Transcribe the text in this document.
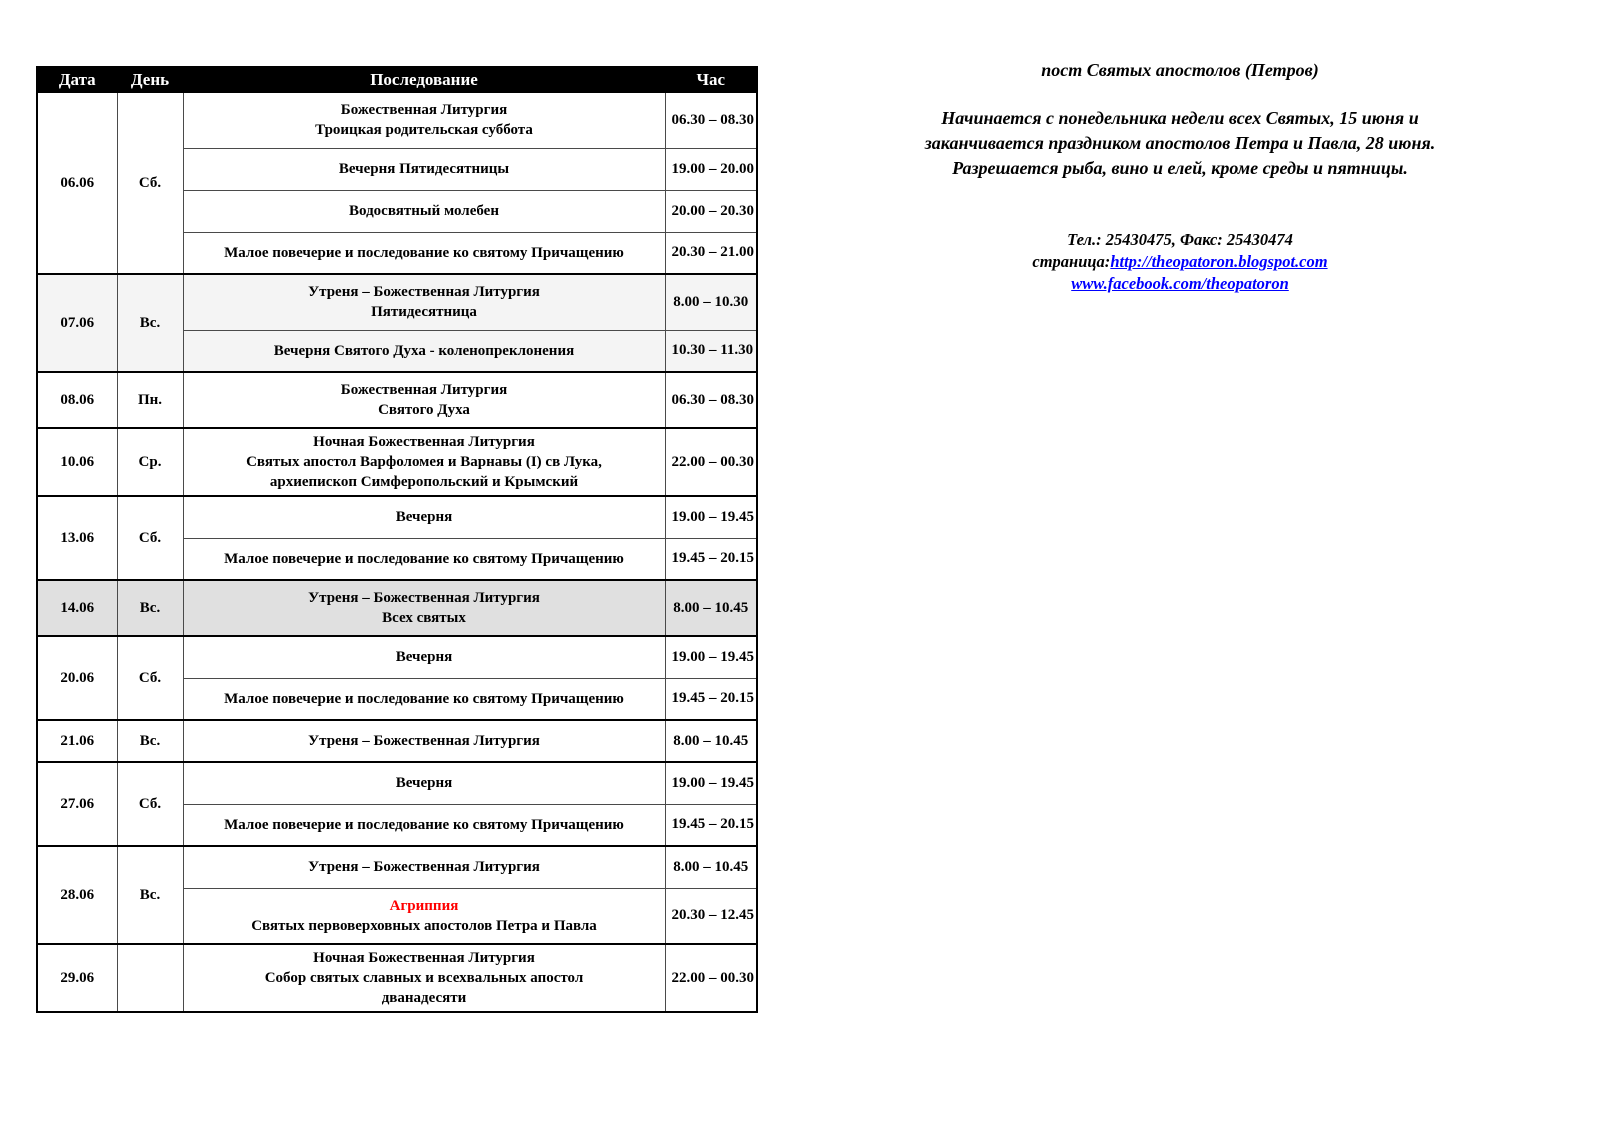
Дата	День	Последование	Час
06.06	Сб.	Божественная Литургия
Троицкая родительская суббота	06.30 – 08.30

		Вечерня Пятидесятницы	19.00 – 20.00

		Водосвятный молебен	20.00 – 20.30

		Малое повечерие и последование ко святому Причащению	20.30 – 21.00
07.06	Вс.	Утреня – Божественная Литургия
Пятидесятница	8.00 – 10.30

		Вечерня Святого Духа - коленопреклонения	10.30 – 11.30
08.06	Пн.	Божественная Литургия
Святого Духа	06.30 – 08.30
10.06	Ср.	Ночная Божественная Литургия
Святых апостол Варфоломея и Варнавы (I) св Лука,
архиепископ Симферопольский и Крымский	22.00 – 00.30
13.06	Сб.	Вечерня	19.00 – 19.45

		Малое повечерие и последование ко святому Причащению	19.45 – 20.15
14.06	Вс.	Утреня – Божественная Литургия
Всех святых	8.00 – 10.45
20.06	Сб.	Вечерня	19.00 – 19.45

		Малое повечерие и последование ко святому Причащению	19.45 – 20.15
21.06	Вс.	Утреня – Божественная Литургия	8.00 – 10.45
27.06	Сб.	Вечерня	19.00 – 19.45

		Малое повечерие и последование ко святому Причащению	19.45 – 20.15
28.06	Вс.	Утреня – Божественная Литургия	8.00 – 10.45

		Агриппия
Святых первоверховных апостолов Петра и Павла	20.30 – 12.45
29.06		Ночная Божественная Литургия
Собор святых славных и всехвальных апостол
дванадесяти	22.00 – 00.30
пост Святых апостолов (Петров)
Начинается с понедельника недели всех Святых, 15 июня и
заканчивается праздником апостолов Петра и Павла, 28 июня.
Разрешается рыба, вино и елей, кроме среды и пятницы.
Тел.: 25430475, Факс: 25430474
страница:http://theopatoron.blogspot.com
www.facebook.com/theopatoron
